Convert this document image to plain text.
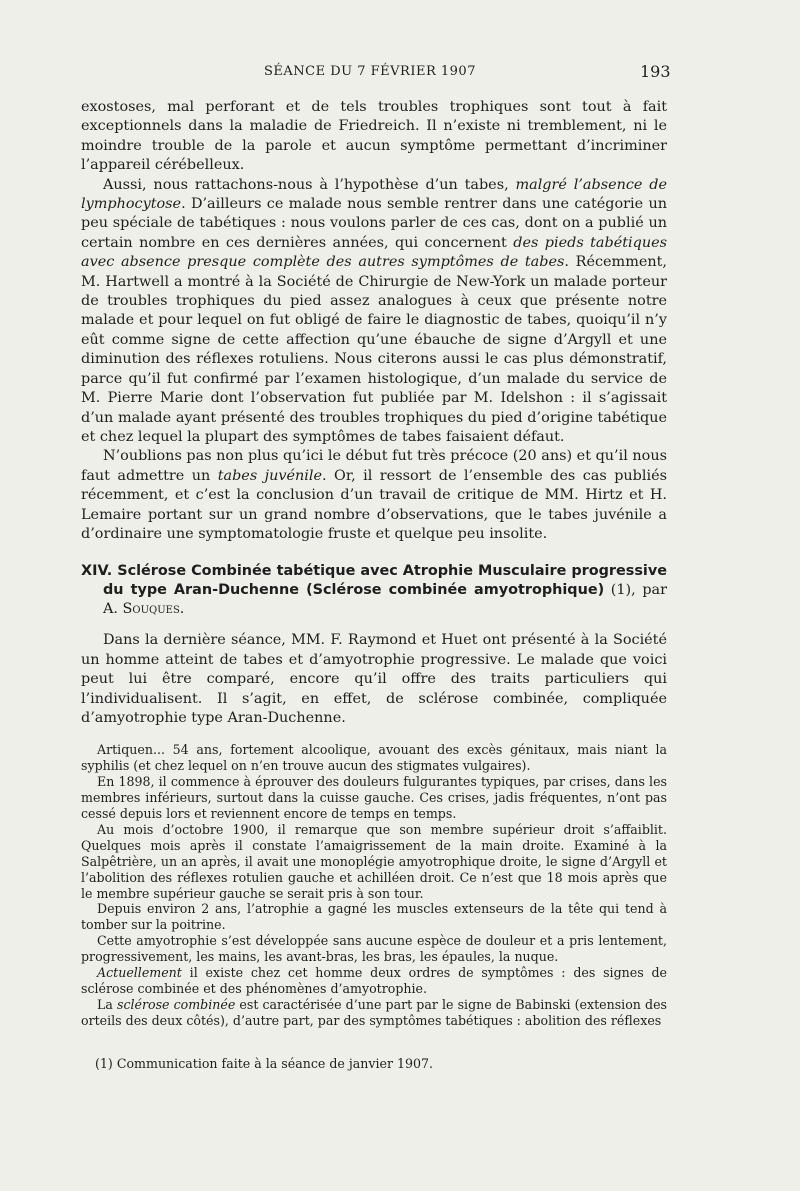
SÉANCE DU 7 FÉVRIER 1907	193

exostoses, mal perforant et de tels troubles trophiques sont tout à fait exceptionnels dans la maladie de Friedreich. Il n’existe ni tremblement, ni le moindre trouble de la parole et aucun symptôme permettant d’incriminer l’appareil cérébelleux.

Aussi, nous rattachons-nous à l’hypothèse d’un tabes, malgré l’absence de lymphocytose. D’ailleurs ce malade nous semble rentrer dans une catégorie un peu spéciale de tabétiques : nous voulons parler de ces cas, dont on a publié un certain nombre en ces dernières années, qui concernent des pieds tabétiques avec absence presque complète des autres symptômes de tabes. Récemment, M. Hartwell a montré à la Société de Chirurgie de New-York un malade porteur de troubles trophiques du pied assez analogues à ceux que présente notre malade et pour lequel on fut obligé de faire le diagnostic de tabes, quoiqu’il n’y eût comme signe de cette affection qu’une ébauche de signe d’Argyll et une diminution des réflexes rotuliens. Nous citerons aussi le cas plus démonstratif, parce qu’il fut confirmé par l’examen histologique, d’un malade du service de M. Pierre Marie dont l’observation fut publiée par M. Idelshon : il s’agissait d’un malade ayant présenté des troubles trophiques du pied d’origine tabétique et chez lequel la plupart des symptômes de tabes faisaient défaut.

N’oublions pas non plus qu’ici le début fut très précoce (20 ans) et qu’il nous faut admettre un tabes juvénile. Or, il ressort de l’ensemble des cas publiés récemment, et c’est la conclusion d’un travail de critique de MM. Hirtz et H. Lemaire portant sur un grand nombre d’observations, que le tabes juvénile a d’ordinaire une symptomatologie fruste et quelque peu insolite.

XIV. Sclérose Combinée tabétique avec Atrophie Musculaire progressive du type Aran-Duchenne (Sclérose combinée amyotrophique) (1), par A. Souques.

Dans la dernière séance, MM. F. Raymond et Huet ont présenté à la Société un homme atteint de tabes et d’amyotrophie progressive. Le malade que voici peut lui être comparé, encore qu’il offre des traits particuliers qui l’individualisent. Il s’agit, en effet, de sclérose combinée, compliquée d’amyotrophie type Aran-Duchenne.

Artiquen... 54 ans, fortement alcoolique, avouant des excès génitaux, mais niant la syphilis (et chez lequel on n’en trouve aucun des stigmates vulgaires).

En 1898, il commence à éprouver des douleurs fulgurantes typiques, par crises, dans les membres inférieurs, surtout dans la cuisse gauche. Ces crises, jadis fréquentes, n’ont pas cessé depuis lors et reviennent encore de temps en temps.

Au mois d’octobre 1900, il remarque que son membre supérieur droit s’affaiblit. Quelques mois après il constate l’amaigrissement de la main droite. Examiné à la Salpêtrière, un an après, il avait une monoplégie amyotrophique droite, le signe d’Argyll et l’abolition des réflexes rotulien gauche et achilléen droit. Ce n’est que 18 mois après que le membre supérieur gauche se serait pris à son tour.

Depuis environ 2 ans, l’atrophie a gagné les muscles extenseurs de la tête qui tend à tomber sur la poitrine.

Cette amyotrophie s’est développée sans aucune espèce de douleur et a pris lentement, progressivement, les mains, les avant-bras, les bras, les épaules, la nuque.

Actuellement il existe chez cet homme deux ordres de symptômes : des signes de sclérose combinée et des phénomènes d’amyotrophie.

La sclérose combinée est caractérisée d’une part par le signe de Babinski (extension des orteils des deux côtés), d’autre part, par des symptômes tabétiques : abolition des réflexes

(1) Communication faite à la séance de janvier 1907.
